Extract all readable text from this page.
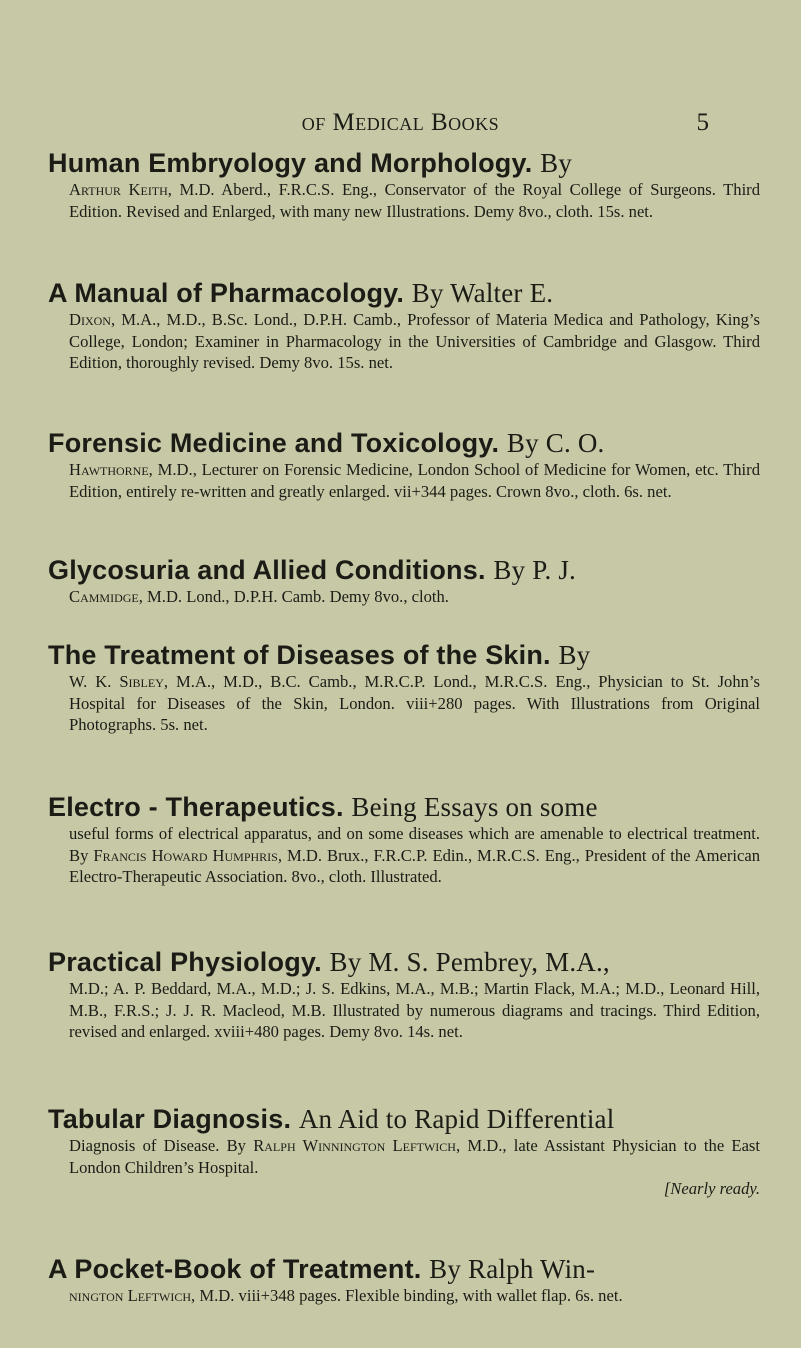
of Medical Books	5

Human Embryology and Morphology. By

Arthur Keith, M.D. Aberd., F.R.C.S. Eng., Conservator of the Royal College of Surgeons. Third Edition. Revised and Enlarged, with many new Illustrations. Demy 8vo., cloth. 15s. net.

A Manual of Pharmacology. By Walter E.

Dixon, M.A., M.D., B.Sc. Lond., D.P.H. Camb., Professor of Materia Medica and Pathology, King’s College, London; Examiner in Pharmacology in the Universities of Cambridge and Glasgow. Third Edition, thoroughly revised. Demy 8vo. 15s. net.

Forensic Medicine and Toxicology. By C. O.

Hawthorne, M.D., Lecturer on Forensic Medicine, London School of Medicine for Women, etc. Third Edition, entirely re-written and greatly enlarged. vii+344 pages. Crown 8vo., cloth. 6s. net.

Glycosuria and Allied Conditions. By P. J.

Cammidge, M.D. Lond., D.P.H. Camb. Demy 8vo., cloth.

The Treatment of Diseases of the Skin. By

W. K. Sibley, M.A., M.D., B.C. Camb., M.R.C.P. Lond., M.R.C.S. Eng., Physician to St. John’s Hospital for Diseases of the Skin, London. viii+280 pages. With Illustrations from Original Photographs. 5s. net.

Electro - Therapeutics. Being Essays on some

useful forms of electrical apparatus, and on some diseases which are amenable to electrical treatment. By Francis Howard Humphris, M.D. Brux., F.R.C.P. Edin., M.R.C.S. Eng., President of the American Electro-Therapeutic Association. 8vo., cloth. Illustrated.

Practical Physiology. By M. S. Pembrey, M.A.,

M.D.; A. P. Beddard, M.A., M.D.; J. S. Edkins, M.A., M.B.; Martin Flack, M.A.; M.D., Leonard Hill, M.B., F.R.S.; J. J. R. Macleod, M.B. Illustrated by numerous diagrams and tracings. Third Edition, revised and enlarged. xviii+480 pages. Demy 8vo. 14s. net.

Tabular Diagnosis. An Aid to Rapid Differential

Diagnosis of Disease. By Ralph Winnington Leftwich, M.D., late Assistant Physician to the East London Children’s Hospital.
[Nearly ready.

A Pocket-Book of Treatment. By Ralph Win-

nington Leftwich, M.D. viii+348 pages. Flexible binding, with wallet flap. 6s. net.
